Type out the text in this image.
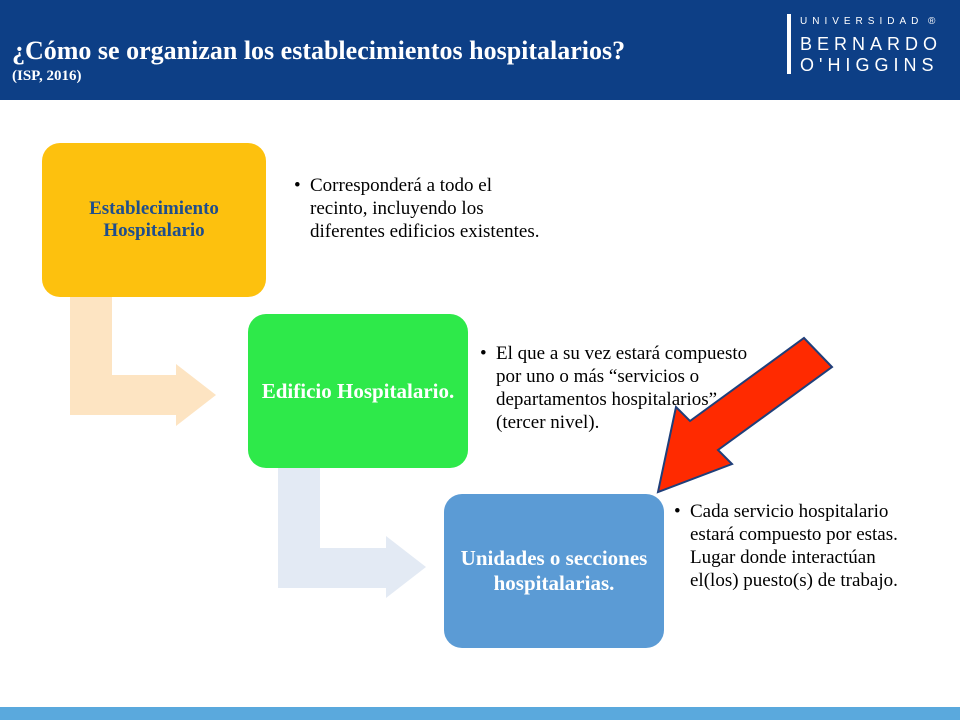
¿Cómo se organizan los establecimientos hospitalarios?
(ISP, 2016)
UNIVERSIDAD
BERNARDO
O'HIGGINS
®
Establecimiento Hospitalario
• Corresponderá a todo el recinto, incluyendo los diferentes edificios existentes.
Edificio Hospitalario.
• El que a su vez estará compuesto por uno o más “servicios o departamentos hospitalarios” (tercer nivel).
Unidades o secciones hospitalarias.
• Cada servicio hospitalario estará compuesto por estas. Lugar donde interactúan el(los) puesto(s) de trabajo.
